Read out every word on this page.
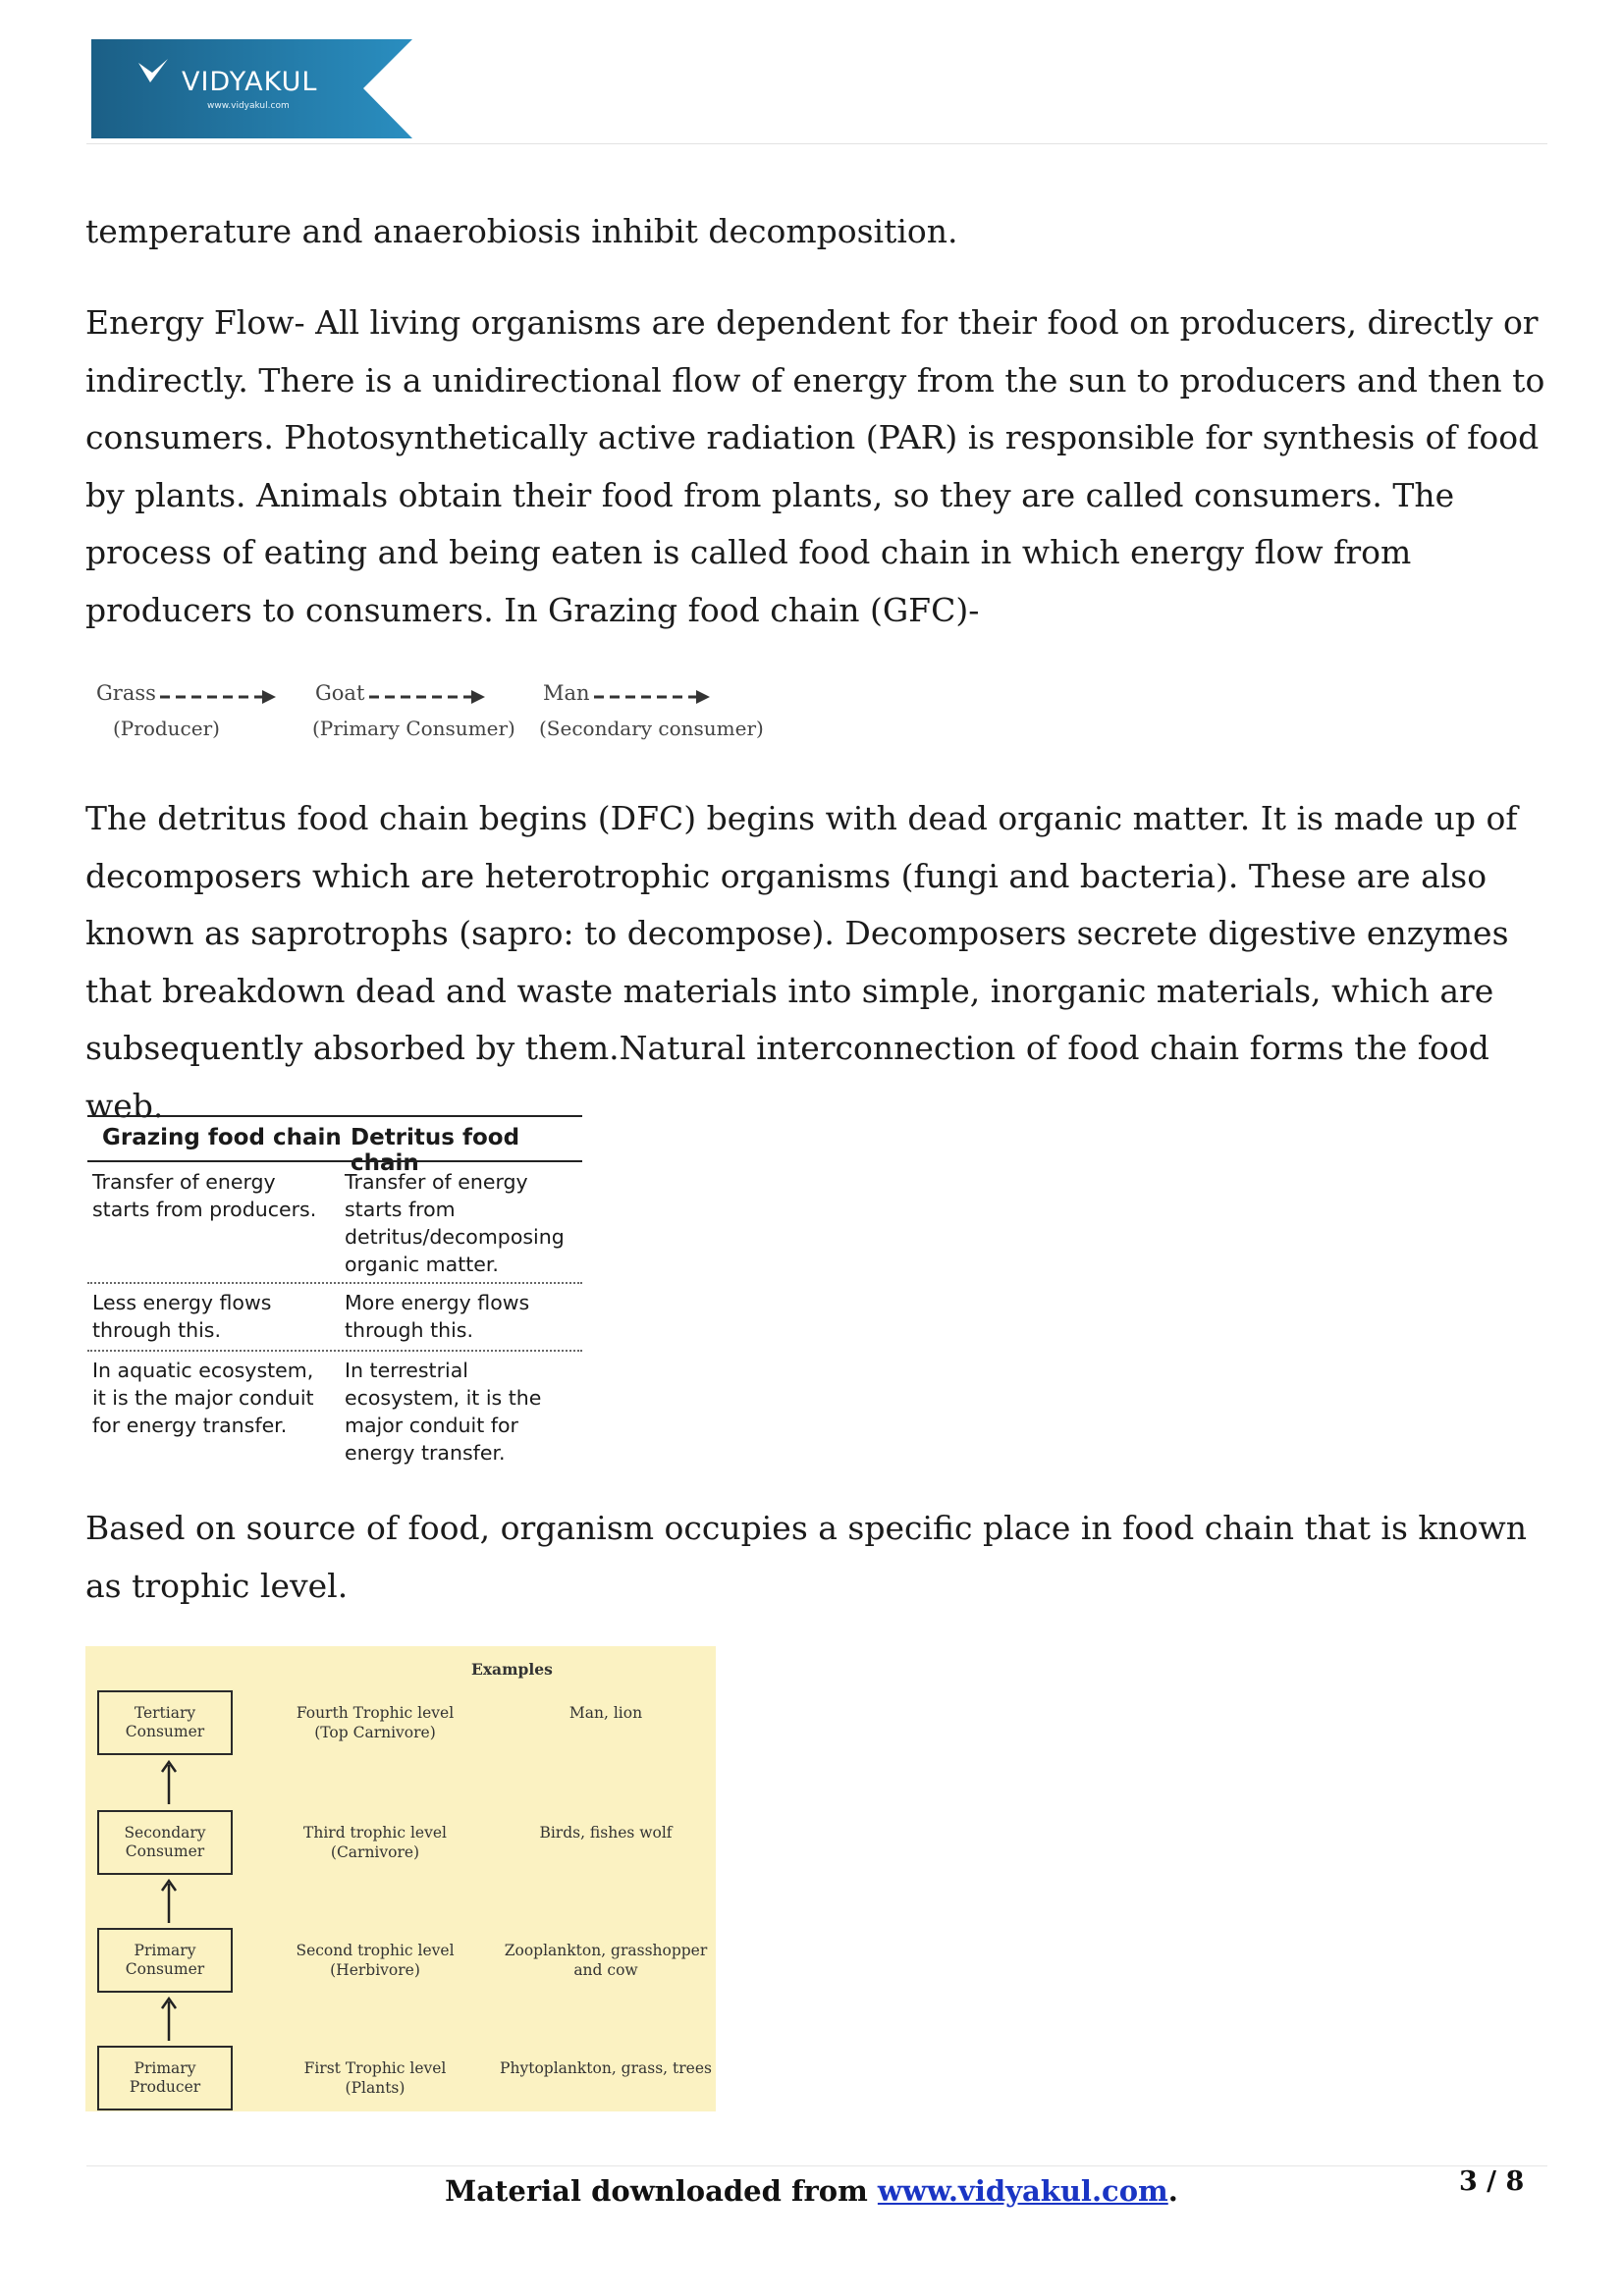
VIDYAKUL
www.vidyakul.com

temperature and anaerobiosis inhibit decomposition.

Energy Flow- All living organisms are dependent for their food on producers, directly or indirectly. There is a unidirectional flow of energy from the sun to producers and then to consumers. Photosynthetically active radiation (PAR) is responsible for synthesis of food by plants. Animals obtain their food from plants, so they are called consumers. The process of eating and being eaten is called food chain in which energy flow from producers to consumers. In Grazing food chain (GFC)-

Grass
(Producer)
Goat
(Primary Consumer)
Man
(Secondary consumer)

The detritus food chain begins (DFC) begins with dead organic matter. It is made up of decomposers which are heterotrophic organisms (fungi and bacteria). These are also known as saprotrophs (sapro: to decompose). Decomposers secrete digestive enzymes that breakdown dead and waste materials into simple, inorganic materials, which are subsequently absorbed by them.Natural interconnection of food chain forms the food web.

Grazing food chain Detritus food chain
Transfer of energy starts from producers.
Transfer of energy starts from detritus/decomposing organic matter.
Less energy flows through this.
More energy flows through this.
In aquatic ecosystem, it is the major conduit for energy transfer.
In terrestrial ecosystem, it is the major conduit for energy transfer.

Based on source of food, organism occupies a specific place in food chain that is known as trophic level.

Examples
Tertiary Consumer
Fourth Trophic level (Top Carnivore)
Man, lion
Secondary Consumer
Third trophic level (Carnivore)
Birds, fishes wolf
Primary Consumer
Second trophic level (Herbivore)
Zooplankton, grasshopper and cow
Primary Producer
First Trophic level (Plants)
Phytoplankton, grass, trees
Material downloaded from www.vidyakul.com.	3 / 8
